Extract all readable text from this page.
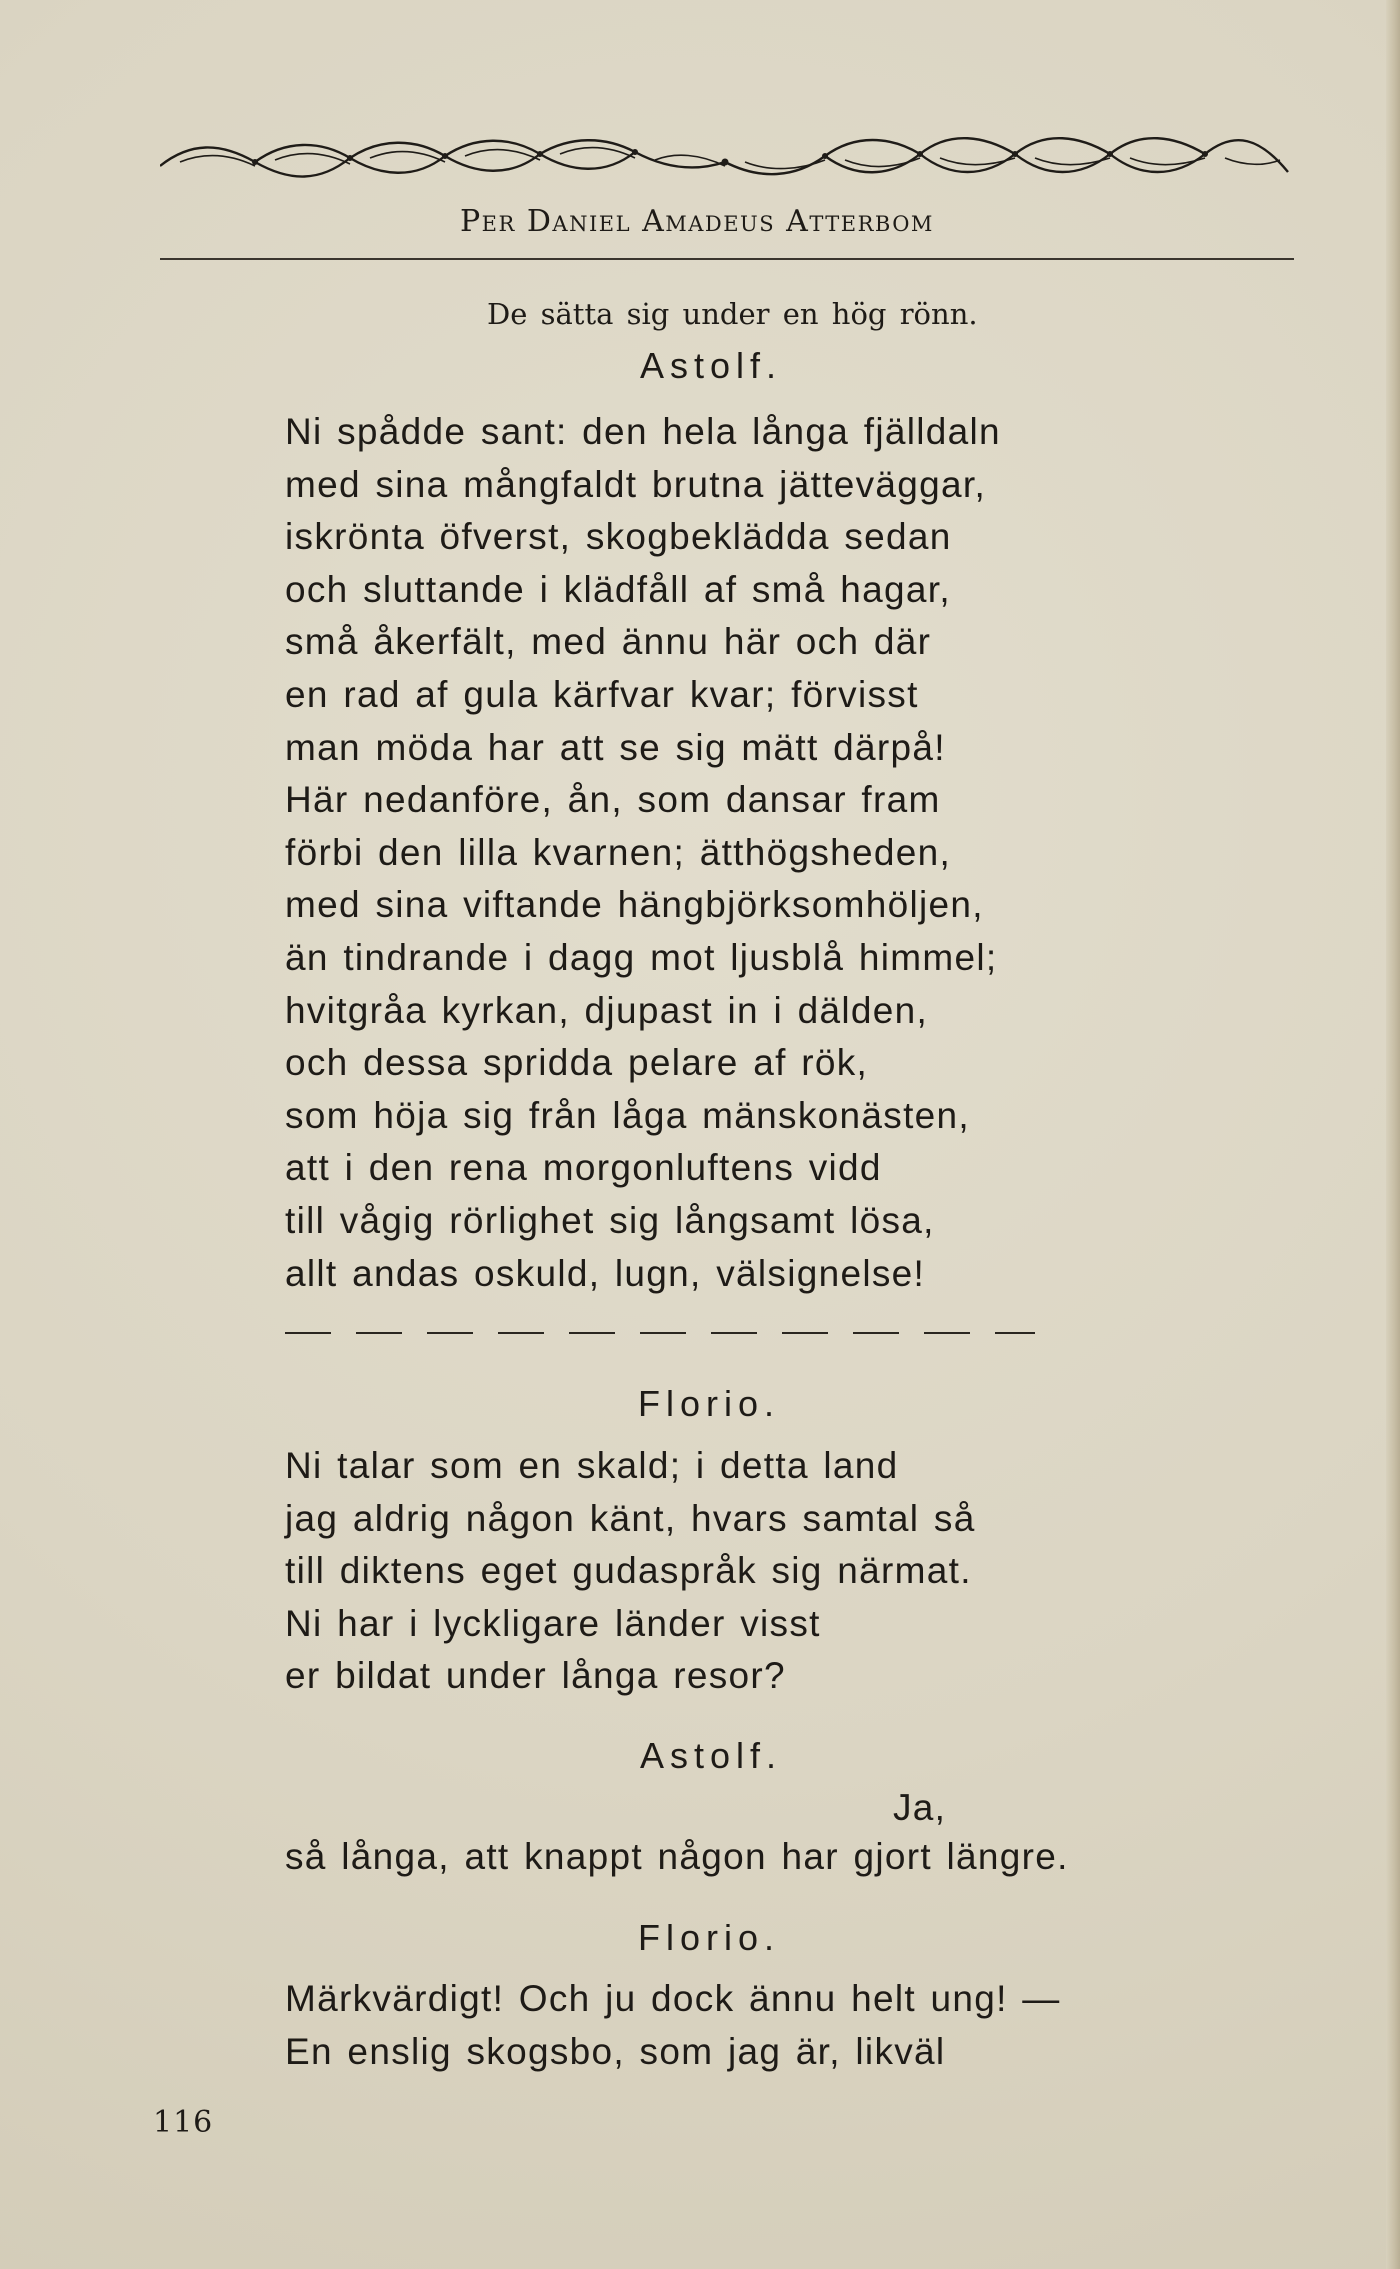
Per Daniel Amadeus Atterbom
De sätta sig under en hög rönn.
Astolf.
Ni spådde sant: den hela långa fjälldaln
med sina mångfaldt brutna jätteväggar,
iskrönta öfverst, skogbeklädda sedan
och sluttande i klädfåll af små hagar,
små åkerfält, med ännu här och där
en rad af gula kärfvar kvar; förvisst
man möda har att se sig mätt därpå!
Här nedanföre, ån, som dansar fram
förbi den lilla kvarnen; ätthögsheden,
med sina viftande hängbjörksomhöljen,
än tindrande i dagg mot ljusblå himmel;
hvitgråa kyrkan, djupast in i dälden,
och dessa spridda pelare af rök,
som höja sig från låga mänskonästen,
att i den rena morgonluftens vidd
till vågig rörlighet sig långsamt lösa,
allt andas oskuld, lugn, välsignelse!
Florio.
Ni talar som en skald; i detta land
jag aldrig någon känt, hvars samtal så
till diktens eget gudaspråk sig närmat.
Ni har i lyckligare länder visst
er bildat under långa resor?
Astolf.
Ja,
så långa, att knappt någon har gjort längre.
Florio.
Märkvärdigt! Och ju dock ännu helt ung! —
En enslig skogsbo, som jag är, likväl
116
